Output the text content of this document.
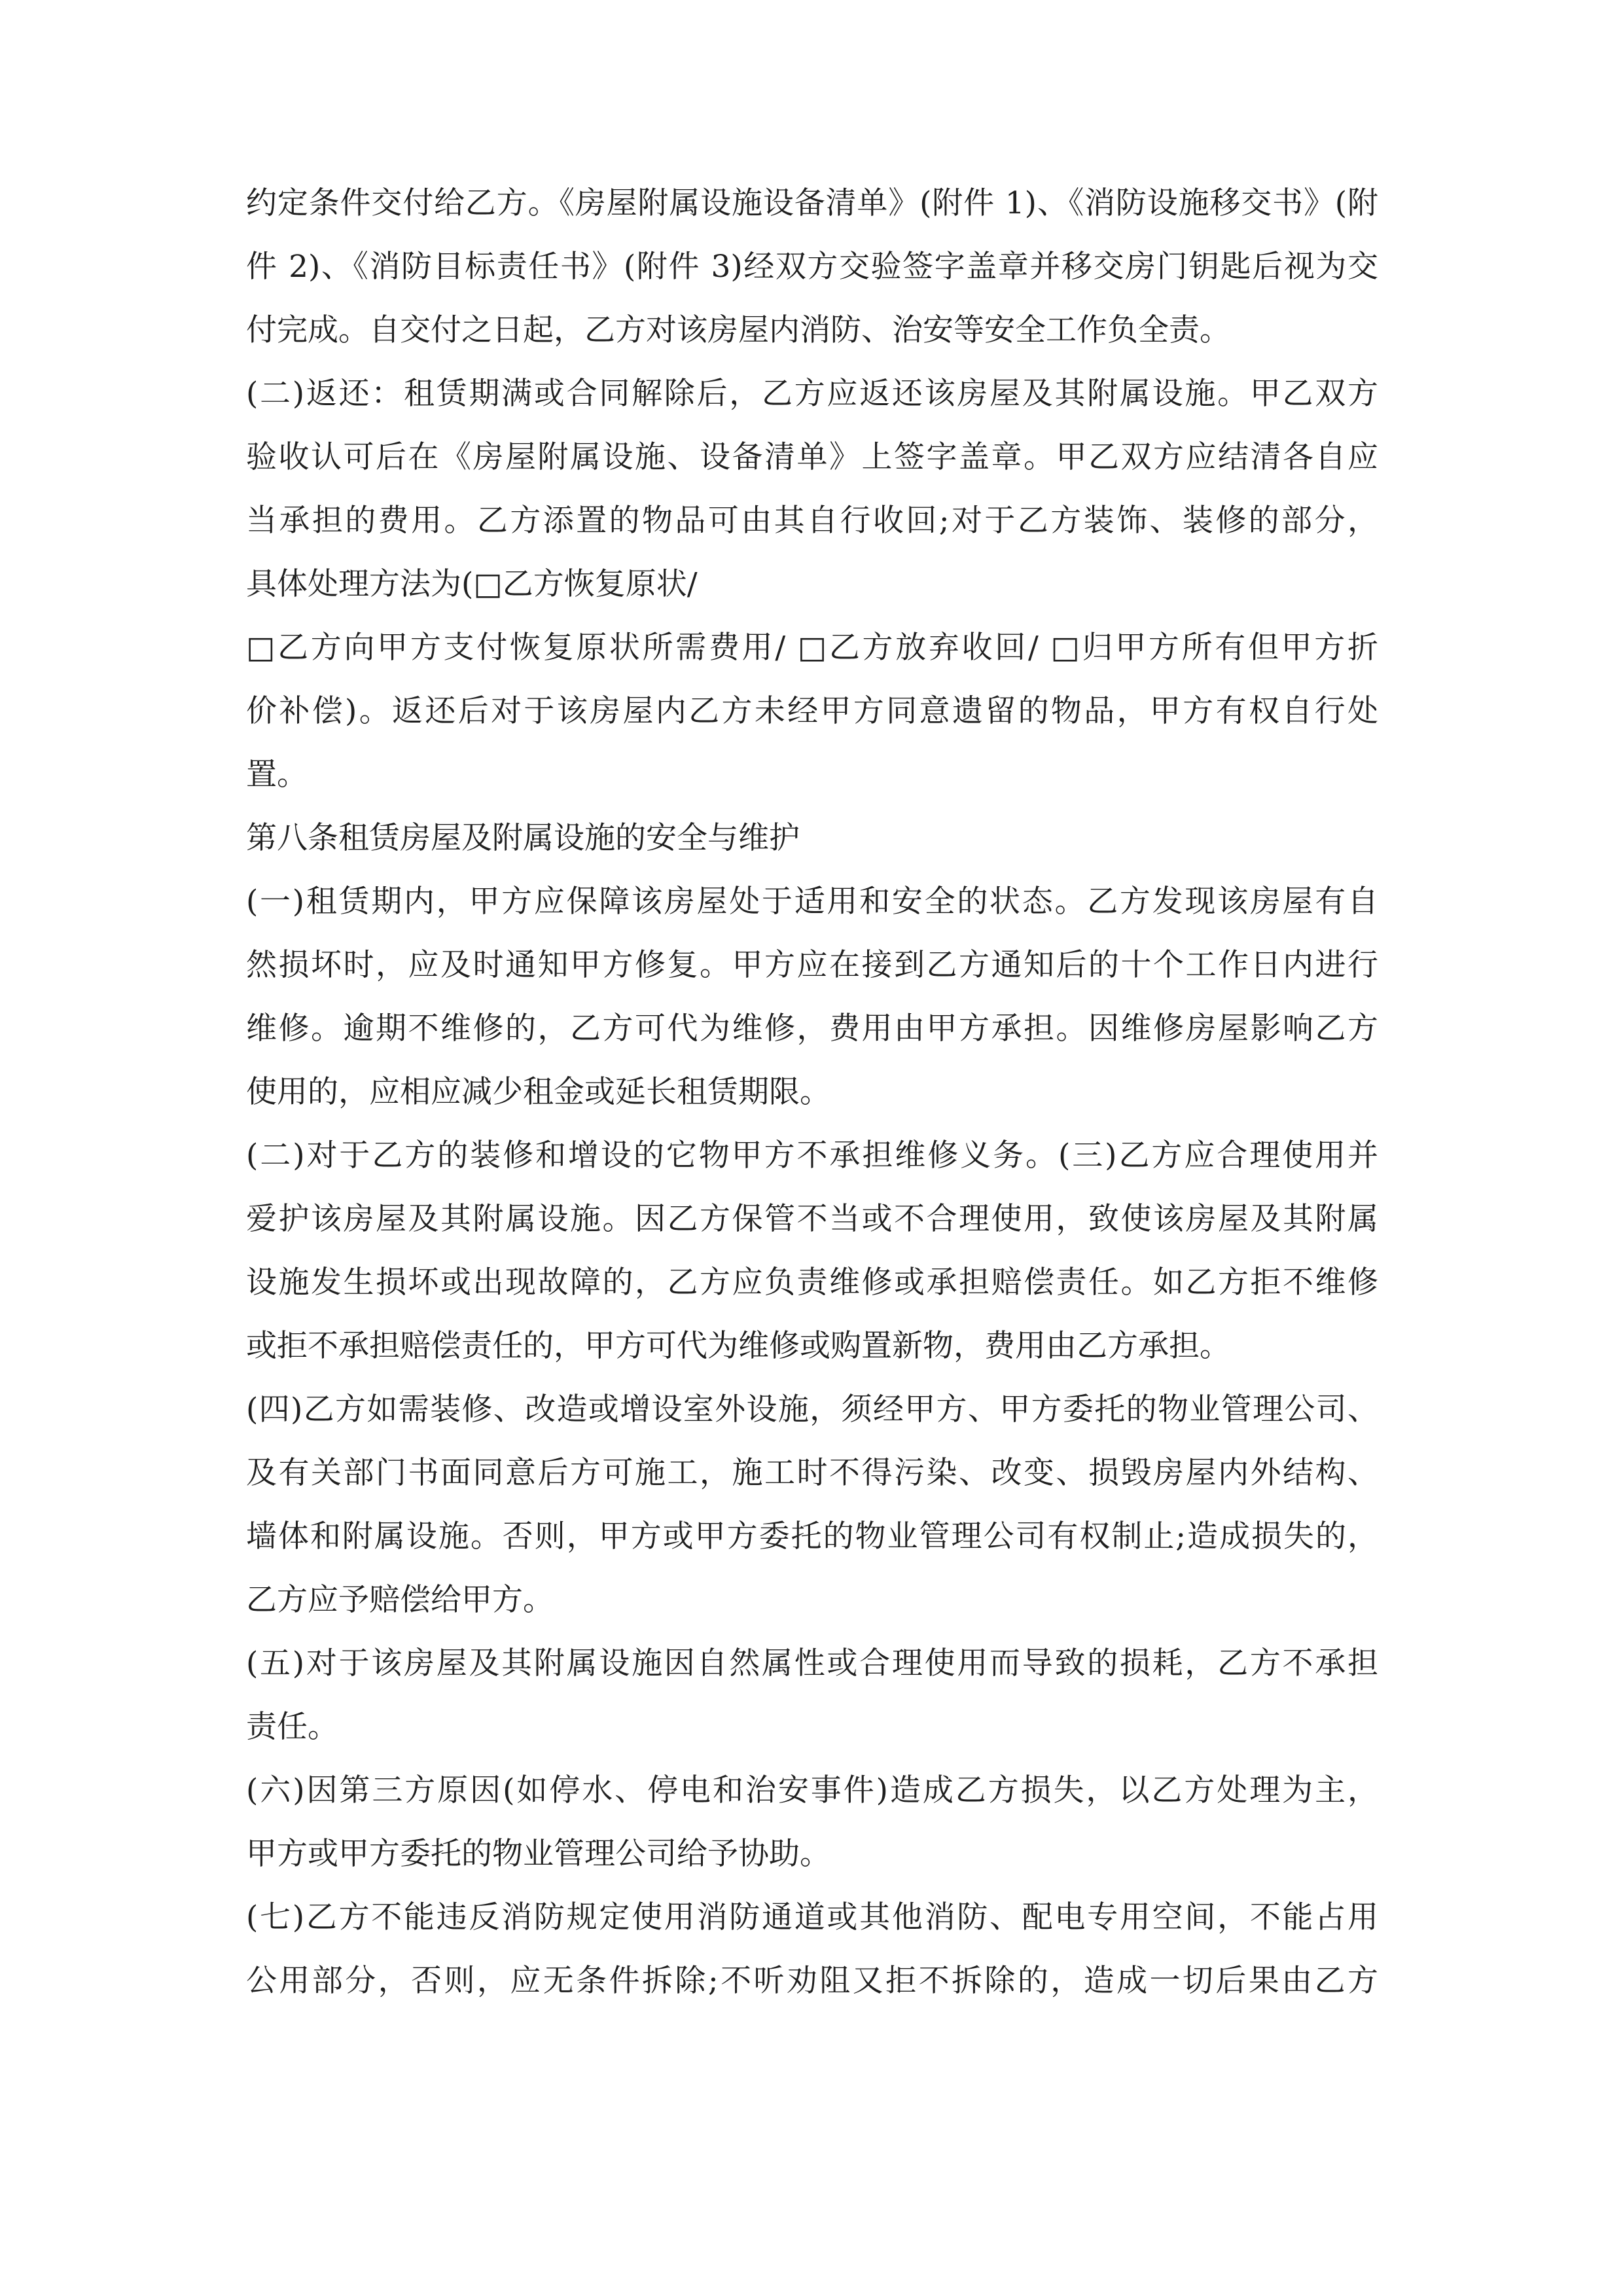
约定条件交付给乙方。《房屋附属设施设备清单》(附件 1)、《消防设施移交书》(附
件 2)、《消防目标责任书》(附件 3)经双方交验签字盖章并移交房门钥匙后视为交
付完成。自交付之日起，乙方对该房屋内消防、治安等安全工作负全责。
(二)返还：租赁期满或合同解除后，乙方应返还该房屋及其附属设施。甲乙双方
验收认可后在《房屋附属设施、设备清单》上签字盖章。甲乙双方应结清各自应
当承担的费用。乙方添置的物品可由其自行收回;对于乙方装饰、装修的部分，
具体处理方法为(□乙方恢复原状/
□乙方向甲方支付恢复原状所需费用/ □乙方放弃收回/ □归甲方所有但甲方折
价补偿)。返还后对于该房屋内乙方未经甲方同意遗留的物品，甲方有权自行处
置。
第八条租赁房屋及附属设施的安全与维护
(一)租赁期内，甲方应保障该房屋处于适用和安全的状态。乙方发现该房屋有自
然损坏时，应及时通知甲方修复。甲方应在接到乙方通知后的十个工作日内进行
维修。逾期不维修的，乙方可代为维修，费用由甲方承担。因维修房屋影响乙方
使用的，应相应减少租金或延长租赁期限。
(二)对于乙方的装修和增设的它物甲方不承担维修义务。(三)乙方应合理使用并
爱护该房屋及其附属设施。因乙方保管不当或不合理使用，致使该房屋及其附属
设施发生损坏或出现故障的，乙方应负责维修或承担赔偿责任。如乙方拒不维修
或拒不承担赔偿责任的，甲方可代为维修或购置新物，费用由乙方承担。
(四)乙方如需装修、改造或增设室外设施，须经甲方、甲方委托的物业管理公司、
及有关部门书面同意后方可施工，施工时不得污染、改变、损毁房屋内外结构、
墙体和附属设施。否则，甲方或甲方委托的物业管理公司有权制止;造成损失的，
乙方应予赔偿给甲方。
(五)对于该房屋及其附属设施因自然属性或合理使用而导致的损耗，乙方不承担
责任。
(六)因第三方原因(如停水、停电和治安事件)造成乙方损失，以乙方处理为主，
甲方或甲方委托的物业管理公司给予协助。
(七)乙方不能违反消防规定使用消防通道或其他消防、配电专用空间，不能占用
公用部分，否则，应无条件拆除;不听劝阻又拒不拆除的，造成一切后果由乙方
